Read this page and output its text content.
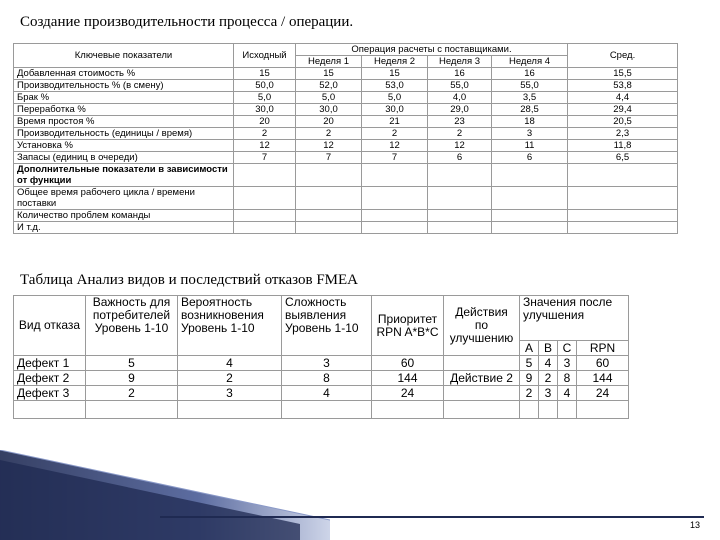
Создание производительности процесса / операции.
Ключевые показатели	Исходный	Операция расчеты с поставщиками.				Сред.
		Неделя 1	Неделя 2	Неделя 3	Неделя 4	
Добавленная стоимость %	15	15	15	16	16	15,5
Производительность % (в смену)	50,0	52,0	53,0	55,0	55,0	53,8
Брак %	5,0	5,0	5,0	4,0	3,5	4,4
Переработка %	30,0	30,0	30,0	29,0	28,5	29,4
Время простоя %	20	20	21	23	18	20,5
Производительность (единицы / время)	2	2	2	2	3	2,3
Установка %	12	12	12	12	11	11,8
Запасы (единиц в очереди)	7	7	7	6	6	6,5
Дополнительные показатели в зависимости от функции						
Общее время рабочего цикла / времени поставки						
Количество проблем команды						
И т.д.						
Таблица Анализ видов и последствий отказов FMEA
Вид отказа	Важность для потребителей Уровень 1-10	Вероятность возникновения Уровень 1-10	Сложность выявления Уровень 1-10	Приоритет RPN A*B*C	Действия по улучшению	Значения после улучшения			
						A	B	C	RPN
Дефект 1	5	4	3	60		5	4	3	60
Дефект 2	9	2	8	144	Действие 2	9	2	8	144
Дефект 3	2	3	4	24		2	3	4	24

13
